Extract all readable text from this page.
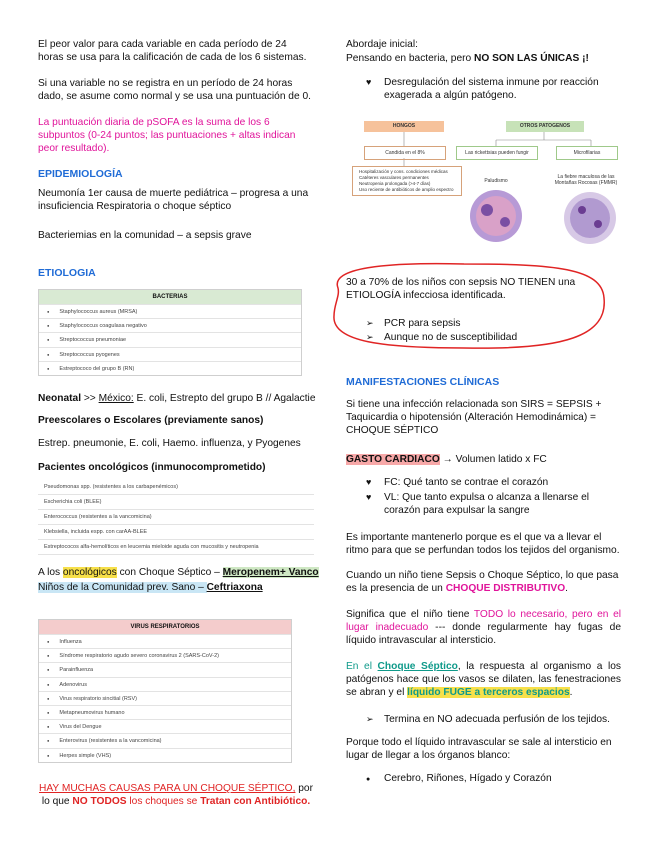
El peor valor para cada variable en cada período de 24 horas se usa para la calificación de cada de los 6 sistemas.

Si una variable no se registra en un período de 24 horas dado, se asume como normal y se usa una puntuación de 0.

La puntuación diaria de pSOFA es la suma de los 6 subpuntos (0-24 puntos; las puntuaciones + altas indican peor resultado).

EPIDEMIOLOGÍA

Neumonía 1er causa de muerte pediátrica – progresa a una insuficiencia Respiratoria o choque séptico

Bacteriemias en la comunidad – a sepsis grave

ETIOLOGIA
BACTERIAS
● Staphylococcus aureus (MRSA)
● Staphylococcus coagulasa negativo
● Streptococcus pneumoniae
● Streptococcus pyogenes
● Estreptococo del grupo B (RN)

Neonatal >> México: E. coli, Estrepto del grupo B // Agalactie

Preescolares o Escolares (previamente sanos)

Estrep. pneumonie, E. coli, Haemo. influenza, y Pyogenes

Pacientes oncológicos (inmunocomprometido)

Pseudomonas spp. (resistentes a los carbapenémicos)
Escherichia coli (BLEE)
Enterococcus (resistentes a la vancomicina)
Klebsiella, incluida espp. con carAA-BLEE
Estreptococos alfa-hemolíticos en leucemia mieloide aguda con mucositis y neutropenia

A los oncológicos con Choque Séptico – Meropenem+ Vanco

Niños de la Comunidad prev. Sano – Ceftriaxona

VIRUS RESPIRATORIOS
● Influenza
● Síndrome respiratorio agudo severo coronavirus 2 (SARS-CoV-2)
● Parainfluenza
● Adenovirus
● Virus respiratorio sincitial (RSV)
● Metapneumovirus humano
● Virus del Dengue
● Enterovirus (resistentes a la vancomicina)
● Herpes simple (VHS)

HAY MUCHAS CAUSAS PARA UN CHOQUE SÉPTICO, por lo que NO TODOS los choques se Tratan con Antibiótico.

Abordaje inicial:

Pensando en bacteria, pero NO SON LAS ÚNICAS ¡!

♥ Desregulación del sistema inmune por reacción exagerada a algún patógeno.
HONGOS	OTROS PATOGENOS
Candida en el 8%	Las rickettsias pueden fungir	Microfilarias
Hospitalización y cons. condiciones médicas
Catéteres vasculares permanentes
Neutropenia prolongada (>4-7 días)
Uso reciente de antibióticos de amplio espectro
Paludismo
La fiebre maculosa de las Montañas Rocosas (FMMR)

30 a 70% de los niños con sepsis NO TIENEN una ETIOLOGÍA infecciosa identificada.

➢ PCR para sepsis
➢ Aunque no de susceptibilidad
MANIFESTACIONES CLÍNICAS

Si tiene una infección relacionada son SIRS = SEPSIS + Taquicardia o hipotensión (Alteración Hemodinámica) = CHOQUE SÉPTICO

GASTO CARDIACO → Volumen latido x FC

♥ FC: Qué tanto se contrae el corazón
♥ VL: Que tanto expulsa o alcanza a llenarse el corazón para expulsar la sangre

Es importante mantenerlo porque es el que va a llevar el ritmo para que se perfundan todos los tejidos del organismo.

Cuando un niño tiene Sepsis o Choque Séptico, lo que pasa es la presencia de un CHOQUE DISTRIBUTIVO.

Significa que el niño tiene TODO lo necesario, pero en el lugar inadecuado --- donde regularmente hay fugas de líquido intravascular al intersticio.

En el Choque Séptico, la respuesta al organismo a los patógenos hace que los vasos se dilaten, las fenestraciones se abran y el líquido FUGE a terceros espacios.

➢ Termina en NO adecuada perfusión de los tejidos.

Porque todo el líquido intravascular se sale al intersticio en lugar de llegar a los órganos blanco:

● Cerebro, Riñones, Hígado y Corazón
